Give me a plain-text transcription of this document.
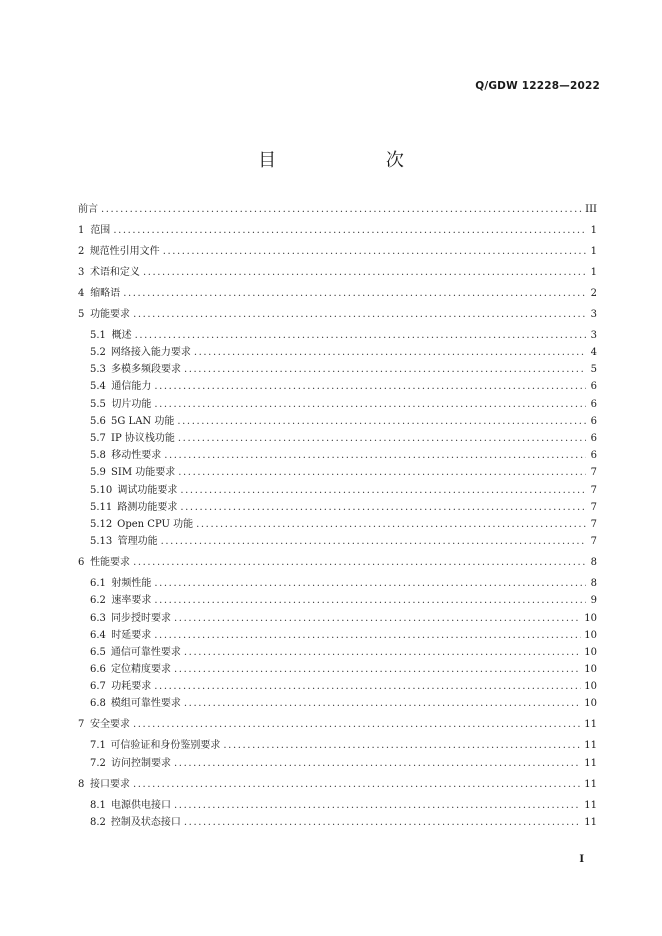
Q/GDW 12228—2022
目 次
前言 .....	III
1 范围 .....	1
2 规范性引用文件 .....	1
3 术语和定义 .....	1
4 缩略语 .....	2
5 功能要求 .....	3
5.1 概述 .....	3
5.2 网络接入能力要求 .....	4
5.3 多模多频段要求 .....	5
5.4 通信能力 .....	6
5.5 切片功能 .....	6
5.6 5G LAN 功能 .....	6
5.7 IP 协议栈功能 .....	6
5.8 移动性要求 .....	6
5.9 SIM 功能要求 .....	7
5.10 调试功能要求 .....	7
5.11 路测功能要求 .....	7
5.12 Open CPU 功能 .....	7
5.13 管理功能 .....	7
6 性能要求 .....	8
6.1 射频性能 .....	8
6.2 速率要求 .....	9
6.3 同步授时要求 .....	10
6.4 时延要求 .....	10
6.5 通信可靠性要求 .....	10
6.6 定位精度要求 .....	10
6.7 功耗要求 .....	10
6.8 模组可靠性要求 .....	10
7 安全要求 .....	11
7.1 可信验证和身份鉴别要求 .....	11
7.2 访问控制要求 .....	11
8 接口要求 .....	11
8.1 电源供电接口 .....	11
8.2 控制及状态接口 .....	11
I
